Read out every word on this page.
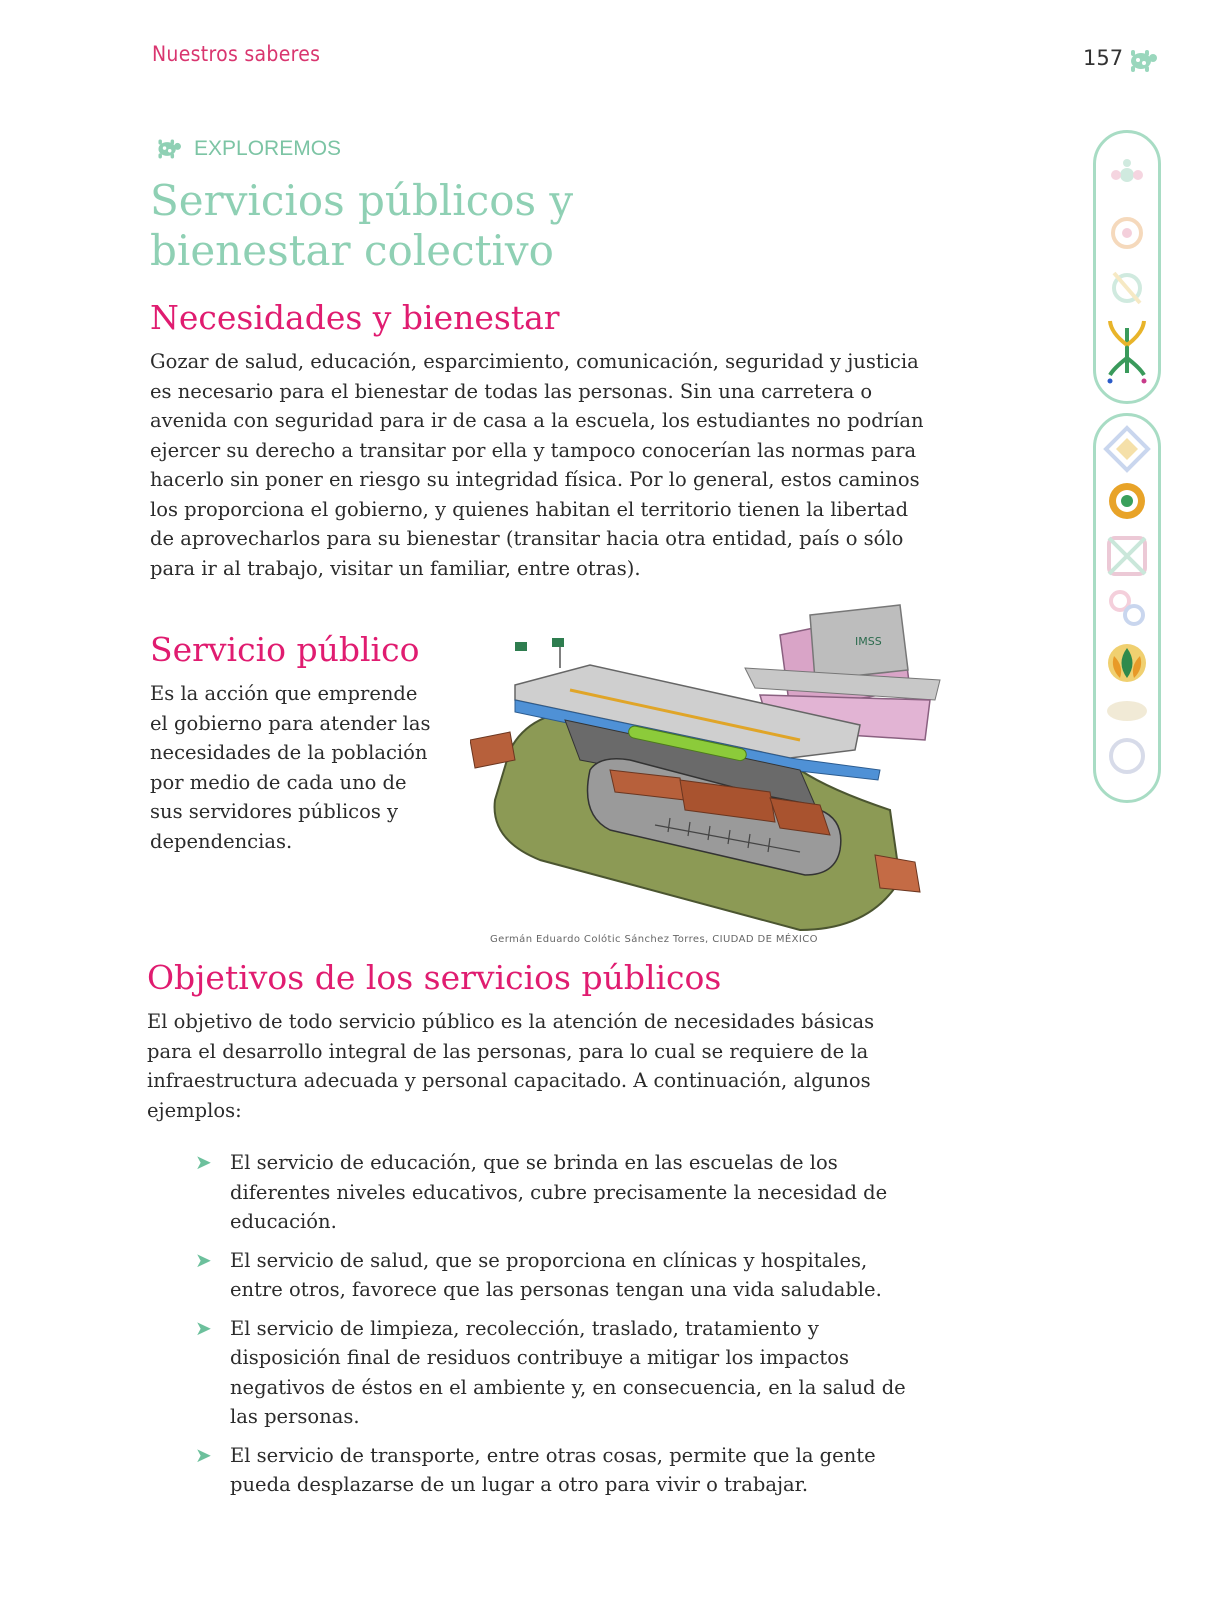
Nuestros saberes	157
EXPLOREMOS
Servicios públicos y
bienestar colectivo
Necesidades y bienestar

Gozar de salud, educación, esparcimiento, comunicación, seguridad y justicia
es necesario para el bienestar de todas las personas. Sin una carretera o
avenida con seguridad para ir de casa a la escuela, los estudiantes no podrían
ejercer su derecho a transitar por ella y tampoco conocerían las normas para
hacerlo sin poner en riesgo su integridad física. Por lo general, estos caminos
los proporciona el gobierno, y quienes habitan el territorio tienen la libertad
de aprovecharlos para su bienestar (transitar hacia otra entidad, país o sólo
para ir al trabajo, visitar un familiar, entre otras).

Servicio público

Es la acción que emprende
el gobierno para atender las
necesidades de la población
por medio de cada uno de
sus servidores públicos y
dependencias.

IMSS
Germán Eduardo Colótic Sánchez Torres, CIUDAD DE MÉXICO
Objetivos de los servicios públicos

El objetivo de todo servicio público es la atención de necesidades básicas
para el desarrollo integral de las personas, para lo cual se requiere de la
infraestructura adecuada y personal capacitado. A continuación, algunos
ejemplos:

➤ El servicio de educación, que se brinda en las escuelas de los
diferentes niveles educativos, cubre precisamente la necesidad de
educación.
➤ El servicio de salud, que se proporciona en clínicas y hospitales,
entre otros, favorece que las personas tengan una vida saludable.
➤ El servicio de limpieza, recolección, traslado, tratamiento y
disposición final de residuos contribuye a mitigar los impactos
negativos de éstos en el ambiente y, en consecuencia, en la salud de
las personas.
➤ El servicio de transporte, entre otras cosas, permite que la gente
pueda desplazarse de un lugar a otro para vivir o trabajar.
